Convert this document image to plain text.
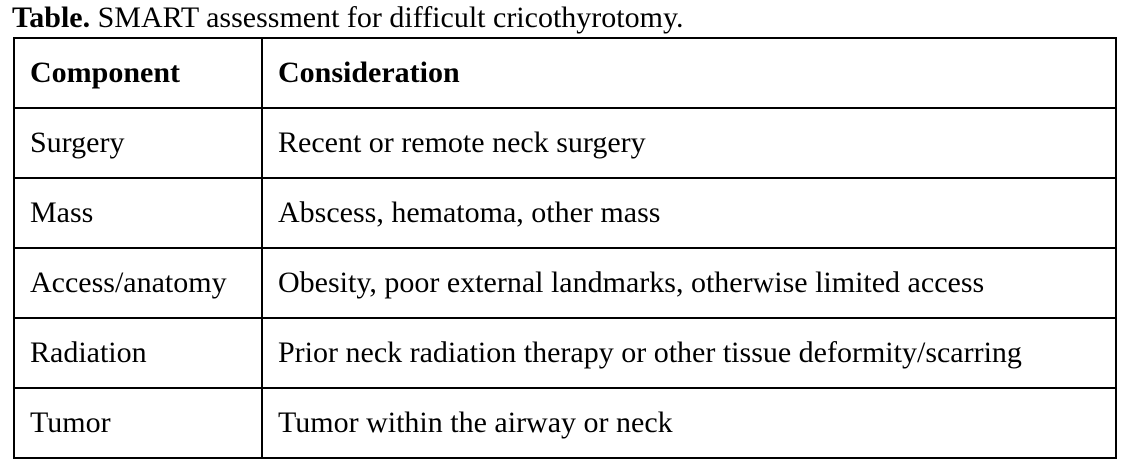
Table. SMART assessment for difficult cricothyrotomy.
Component	Consideration
Surgery	Recent or remote neck surgery
Mass	Abscess, hematoma, other mass
Access/anatomy	Obesity, poor external landmarks, otherwise limited access
Radiation	Prior neck radiation therapy or other tissue deformity/scarring
Tumor	Tumor within the airway or neck
